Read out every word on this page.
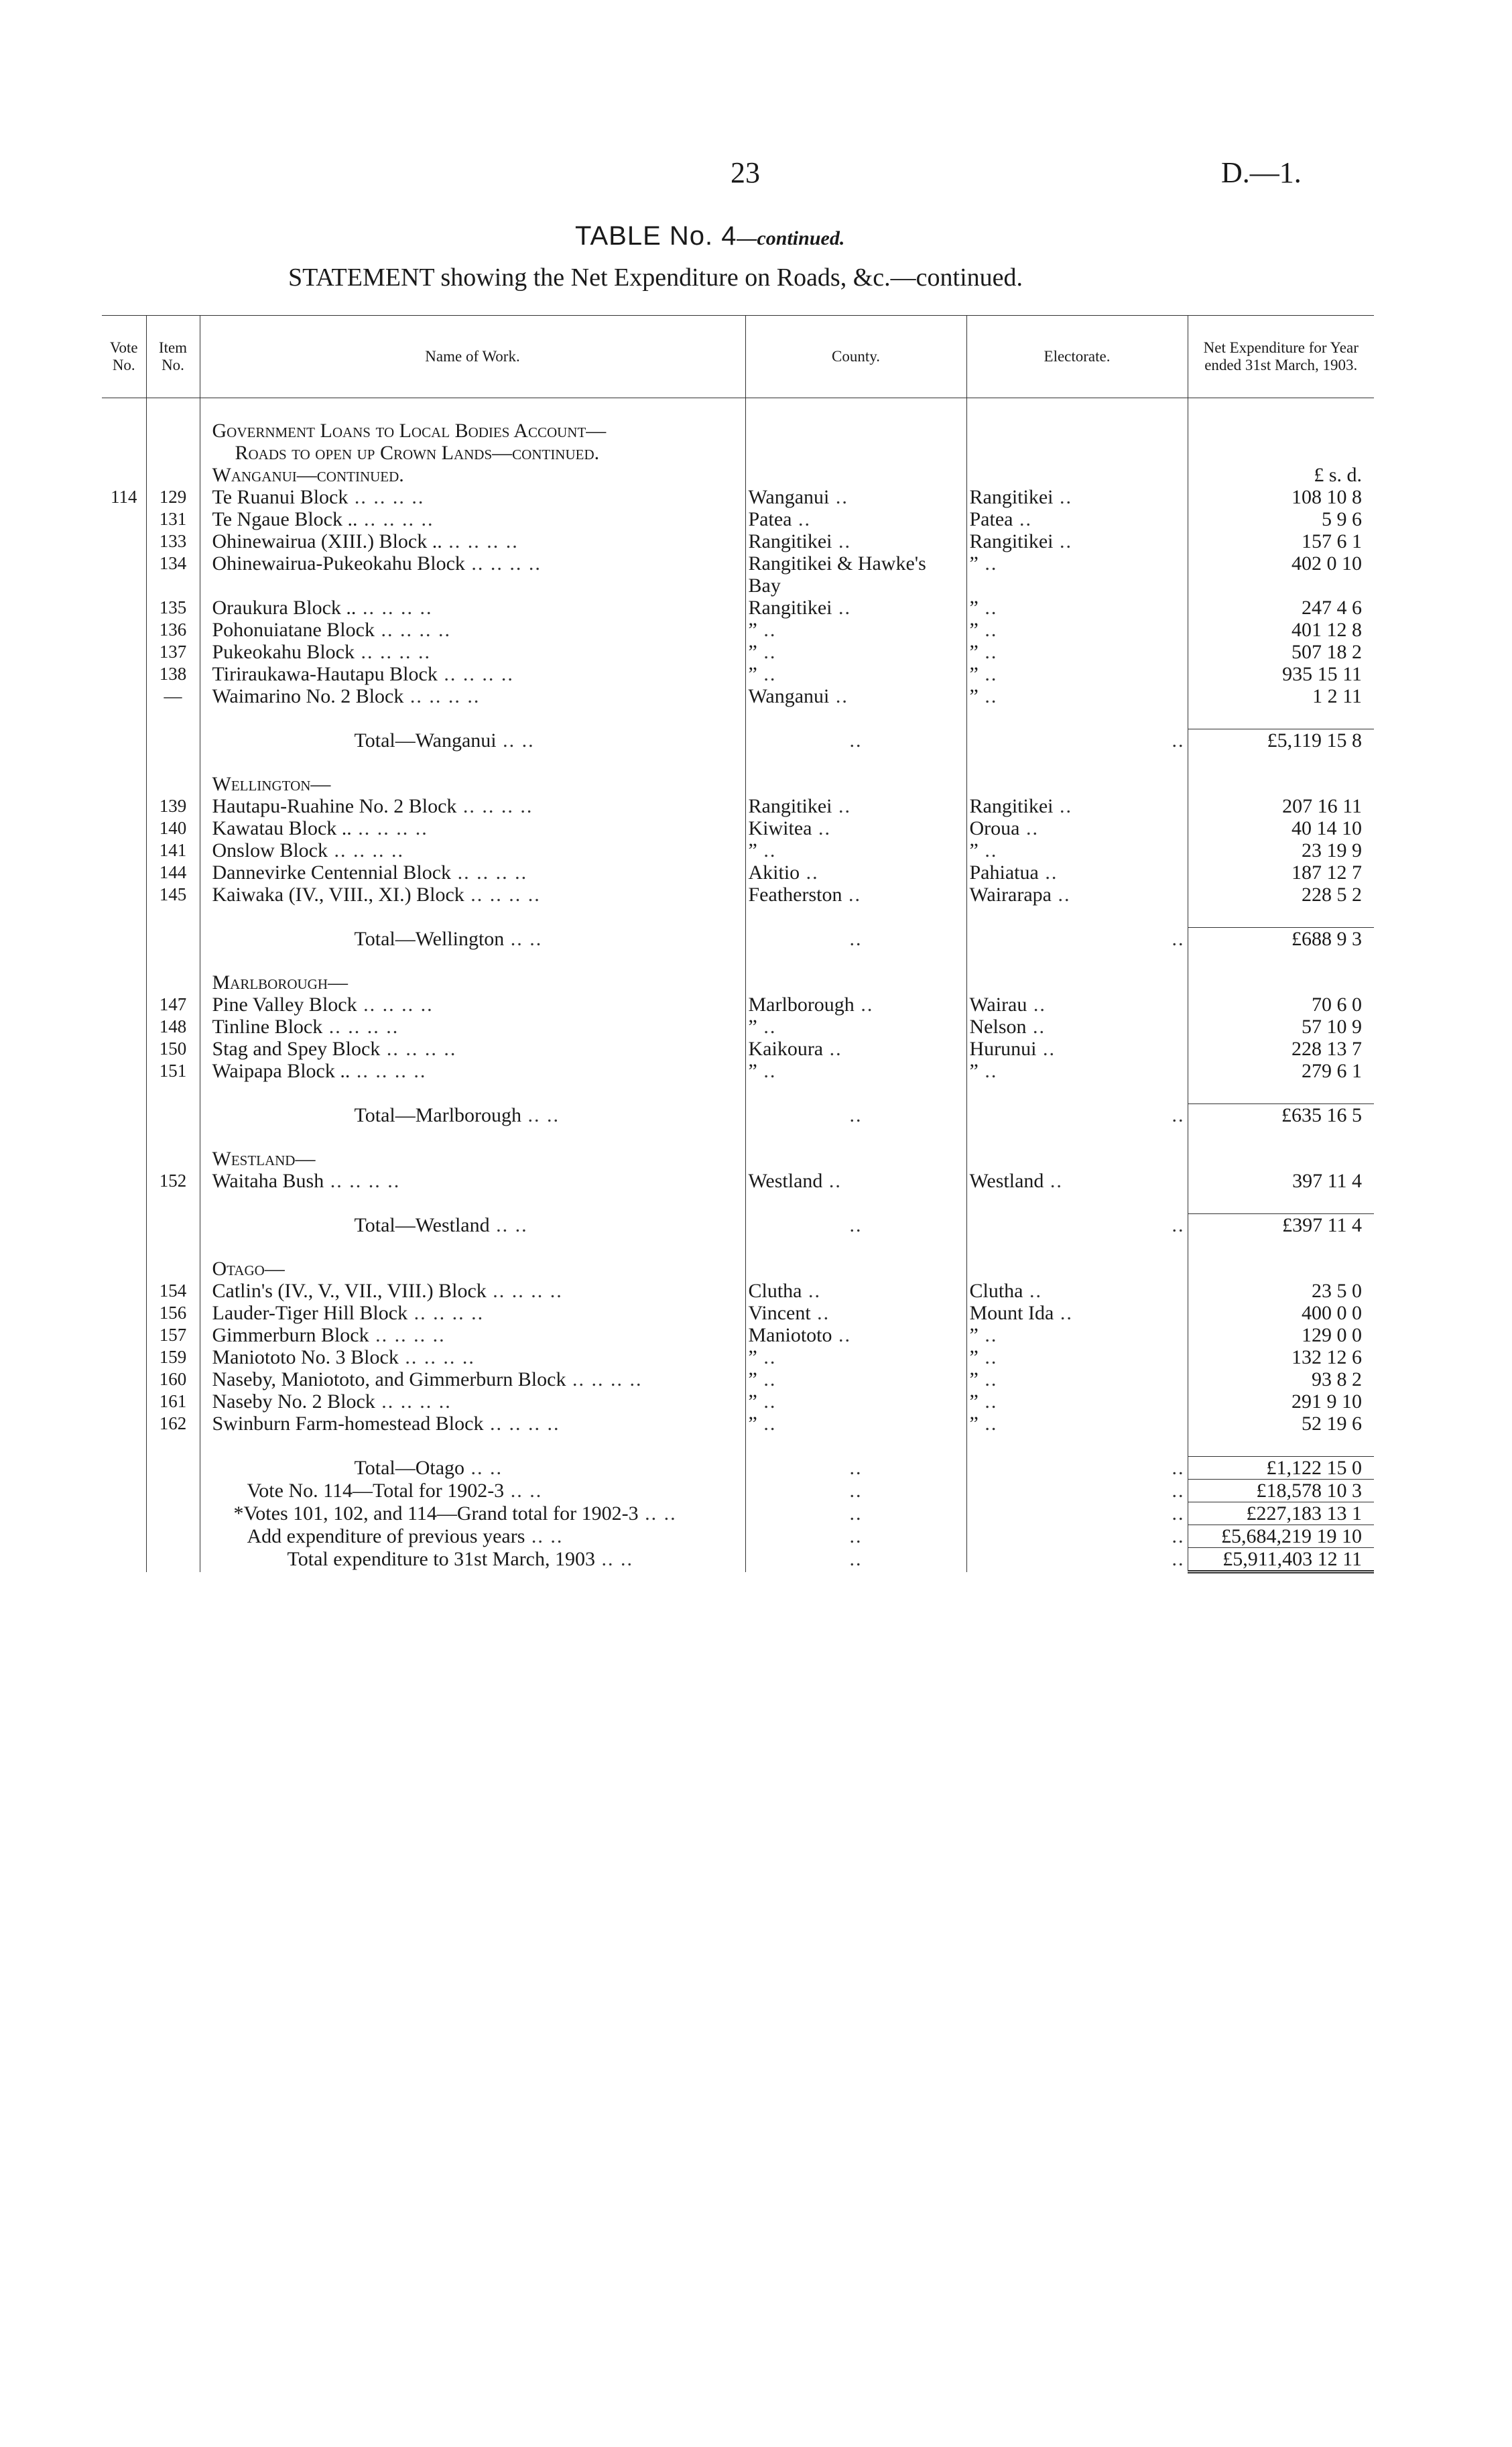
23	D.—1.
TABLE No. 4—continued.
STATEMENT showing the Net Expenditure on Roads, &c.—continued.
Vote No.	Item No.	Name of Work.	County.	Electorate.	Net Expenditure for Year ended 31st March, 1903.

		Government Loans to Local Bodies Account—			
		Roads to open up Crown Lands—continued.			
		Wanganui—continued.			£ s. d.
114	129	Te Ruanui Block .. .. .. ..	Wanganui ..	Rangitikei ..	108 10 8
	131	Te Ngaue Block .. .. .. .. ..	Patea ..	Patea ..	5 9 6
	133	Ohinewairua (XIII.) Block .. .. .. .. ..	Rangitikei ..	Rangitikei ..	157 6 1
	134	Ohinewairua-Pukeokahu Block .. .. .. ..	Rangitikei & Hawke's Bay	” ..	402 0 10
	135	Oraukura Block .. .. .. .. ..	Rangitikei ..	” ..	247 4 6
	136	Pohonuiatane Block .. .. .. ..	” ..	” ..	401 12 8
	137	Pukeokahu Block .. .. .. ..	” ..	” ..	507 18 2
	138	Tiriraukawa-Hautapu Block .. .. .. ..	” ..	” ..	935 15 11
	—	Waimarino No. 2 Block .. .. .. ..	Wanganui ..	” ..	1 2 11

		Total—Wanganui .. ..	..	..	£5,119 15 8

		Wellington—			
	139	Hautapu-Ruahine No. 2 Block .. .. .. ..	Rangitikei ..	Rangitikei ..	207 16 11
	140	Kawatau Block .. .. .. .. ..	Kiwitea ..	Oroua ..	40 14 10
	141	Onslow Block .. .. .. ..	” ..	” ..	23 19 9
	144	Dannevirke Centennial Block .. .. .. ..	Akitio ..	Pahiatua ..	187 12 7
	145	Kaiwaka (IV., VIII., XI.) Block .. .. .. ..	Featherston ..	Wairarapa ..	228 5 2

		Total—Wellington .. ..	..	..	£688 9 3

		Marlborough—			
	147	Pine Valley Block .. .. .. ..	Marlborough ..	Wairau ..	70 6 0
	148	Tinline Block .. .. .. ..	” ..	Nelson ..	57 10 9
	150	Stag and Spey Block .. .. .. ..	Kaikoura ..	Hurunui ..	228 13 7
	151	Waipapa Block .. .. .. .. ..	” ..	” ..	279 6 1

		Total—Marlborough .. ..	..	..	£635 16 5

		Westland—			
	152	Waitaha Bush .. .. .. ..	Westland ..	Westland ..	397 11 4

		Total—Westland .. ..	..	..	£397 11 4

		Otago—			
	154	Catlin's (IV., V., VII., VIII.) Block .. .. .. ..	Clutha ..	Clutha ..	23 5 0
	156	Lauder-Tiger Hill Block .. .. .. ..	Vincent ..	Mount Ida ..	400 0 0
	157	Gimmerburn Block .. .. .. ..	Maniototo ..	” ..	129 0 0
	159	Maniototo No. 3 Block .. .. .. ..	” ..	” ..	132 12 6
	160	Naseby, Maniototo, and Gimmerburn Block .. .. .. ..	” ..	” ..	93 8 2
	161	Naseby No. 2 Block .. .. .. ..	” ..	” ..	291 9 10
	162	Swinburn Farm-homestead Block .. .. .. ..	” ..	” ..	52 19 6

		Total—Otago .. ..	..	..	£1,122 15 0
		Vote No. 114—Total for 1902-3 .. ..	..	..	£18,578 10 3
		*Votes 101, 102, and 114—Grand total for 1902-3 .. ..	..	..	£227,183 13 1
		Add expenditure of previous years .. ..	..	..	£5,684,219 19 10
		Total expenditure to 31st March, 1903 .. ..	..	..	£5,911,403 12 11
